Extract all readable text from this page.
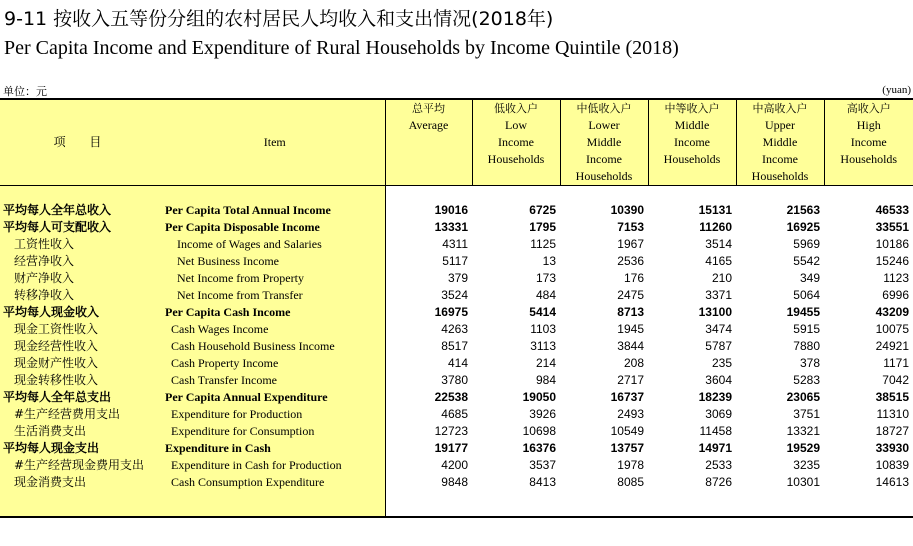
9-11 按收入五等份分组的农村居民人均收入和支出情况(2018年)
Per Capita Income and Expenditure of Rural Households by Income Quintile (2018)
单位：元	(yuan)
项 目	Item	总平均
Average	低收入户
Low
Income
Households	中低收入户
Lower
Middle
Income
Households	中等收入户
Middle
Income
Households	中高收入户
Upper
Middle
Income
Households	高收入户
High
Income
Households

平均每人全年总收入	Per Capita Total Annual Income	19016	6725	10390	15131	21563	46533
平均每人可支配收入	Per Capita Disposable Income	13331	1795	7153	11260	16925	33551
工资性收入	Income of Wages and Salaries	4311	1125	1967	3514	5969	10186
经营净收入	Net Business Income	5117	13	2536	4165	5542	15246
财产净收入	Net Income from Property	379	173	176	210	349	1123
转移净收入	Net Income from Transfer	3524	484	2475	3371	5064	6996
平均每人现金收入	Per Capita Cash Income	16975	5414	8713	13100	19455	43209
现金工资性收入	Cash Wages Income	4263	1103	1945	3474	5915	10075
现金经营性收入	Cash Household Business Income	8517	3113	3844	5787	7880	24921
现金财产性收入	Cash Property Income	414	214	208	235	378	1171
现金转移性收入	Cash Transfer Income	3780	984	2717	3604	5283	7042
平均每人全年总支出	Per Capita Annual Expenditure	22538	19050	16737	18239	23065	38515
#生产经营费用支出	Expenditure for Production	4685	3926	2493	3069	3751	11310
生活消费支出	Expenditure for Consumption	12723	10698	10549	11458	13321	18727
平均每人现金支出	Expenditure in Cash	19177	16376	13757	14971	19529	33930
#生产经营现金费用支出	Expenditure in Cash for Production	4200	3537	1978	2533	3235	10839
现金消费支出	Cash Consumption Expenditure	9848	8413	8085	8726	10301	14613
